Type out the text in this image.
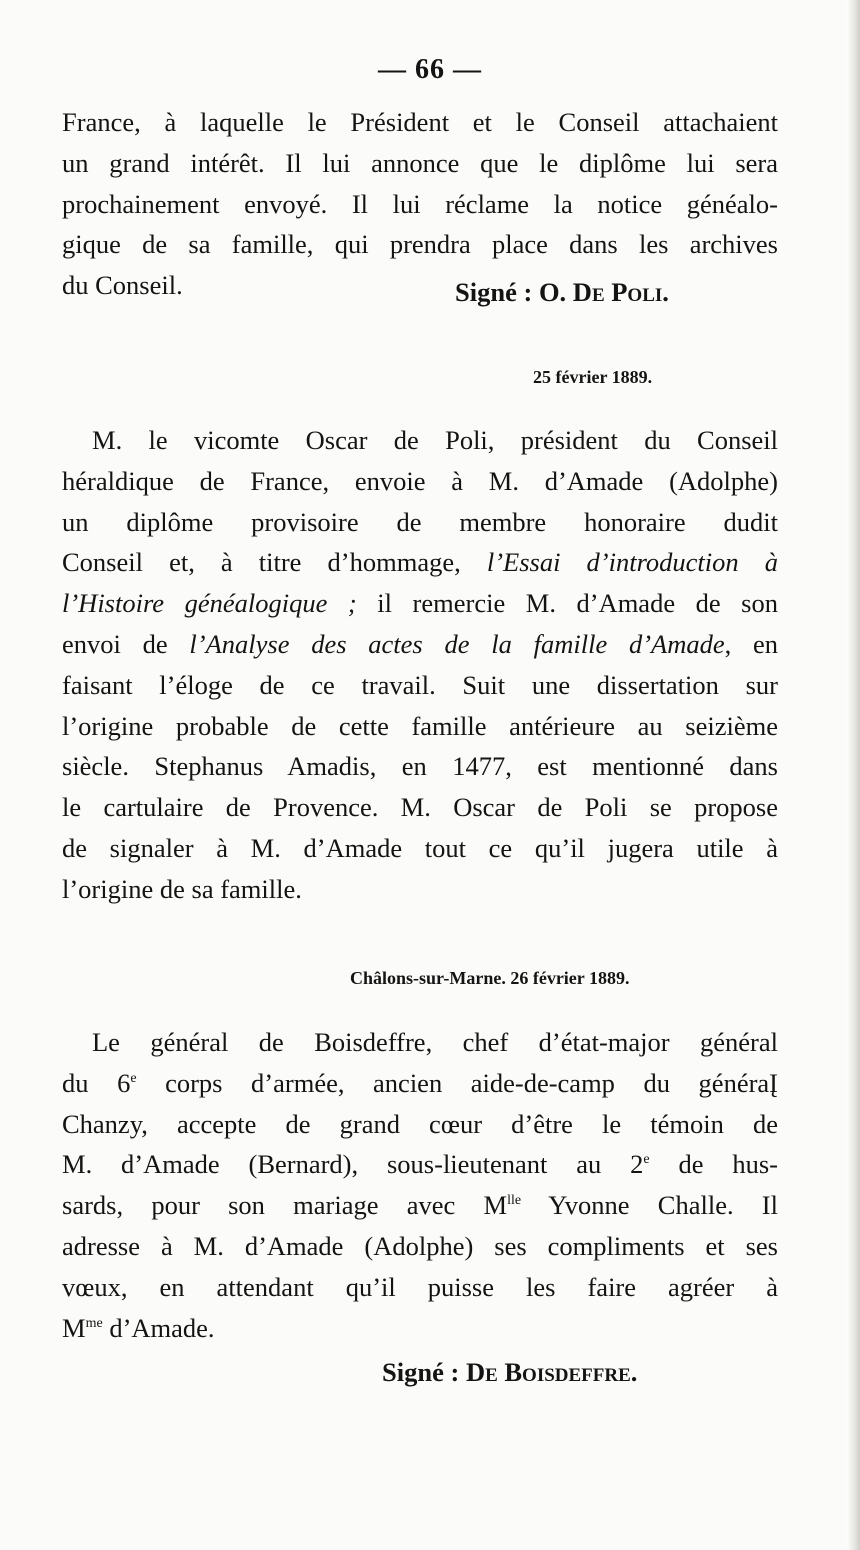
— 66 —

France, à laquelle le Président et le Conseil attachaient

un grand intérêt. Il lui annonce que le diplôme lui sera

prochainement envoyé. Il lui réclame la notice généalo-

gique de sa famille, qui prendra place dans les archives

du Conseil.	Signé : O. De Poli.
25 février 1889.

M. le vicomte Oscar de Poli, président du Conseil

héraldique de France, envoie à M. d’Amade (Adolphe)

un diplôme provisoire de membre honoraire dudit

Conseil et, à titre d’hommage, l’Essai d’introduction à

l’Histoire généalogique ; il remercie M. d’Amade de son

envoi de l’Analyse des actes de la famille d’Amade, en

faisant l’éloge de ce travail. Suit une dissertation sur

l’origine probable de cette famille antérieure au seizième

siècle. Stephanus Amadis, en 1477, est mentionné dans

le cartulaire de Provence. M. Oscar de Poli se propose

de signaler à M. d’Amade tout ce qu’il jugera utile à

l’origine de sa famille.

Châlons-sur-Marne. 26 février 1889.

Le général de Boisdeffre, chef d’état-major général

du 6e corps d’armée, ancien aide-de-camp du généraĮ

Chanzy, accepte de grand cœur d’être le témoin de

M. d’Amade (Bernard), sous-lieutenant au 2e de hus-

sards, pour son mariage avec $M^{lle}$ Yvonne Challe. Il

adresse à M. d’Amade (Adolphe) ses compliments et ses

vœux, en attendant qu’il puisse les faire agréer à

$M^{me}$ d’Amade.

Signé : De Boisdeffre.
